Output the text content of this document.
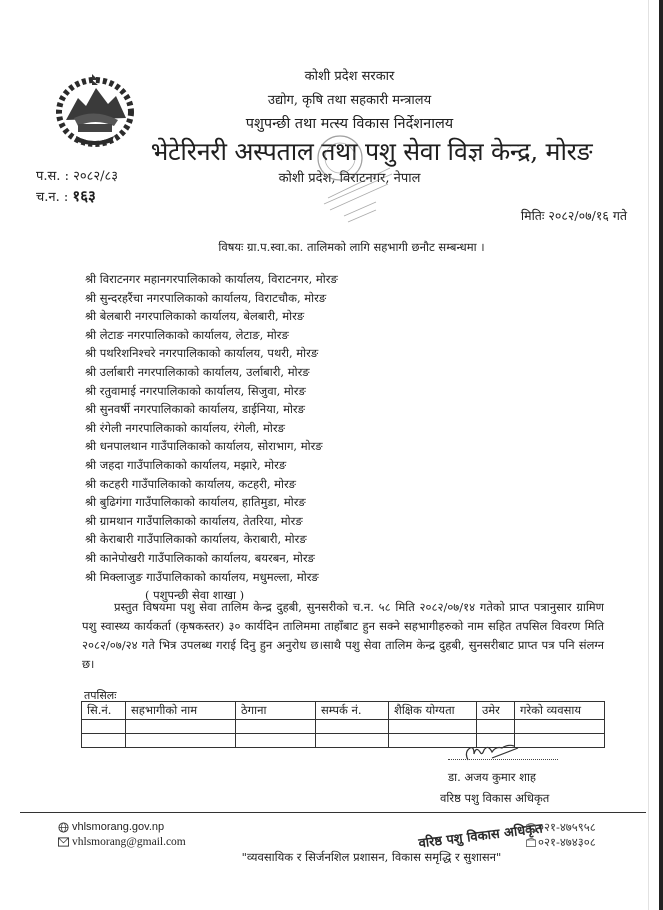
कोशी प्रदेश सरकार
उद्योग, कृषि तथा सहकारी मन्त्रालय
पशुपन्छी तथा मत्स्य विकास निर्देशनालय
भेटेरिनरी अस्पताल तथा पशु सेवा विज्ञ केन्द्र, मोरङ
कोशी प्रदेश, विराटनगर, नेपाल
प.स. : २०८२/८३
च.न. : १६३
मितिः २०८२/०७/१६ गते
विषयः ग्रा.प.स्वा.का. तालिमको लागि सहभागी छनौट सम्बन्धमा ।
श्री विराटनगर महानगरपालिकाको कार्यालय, विराटनगर, मोरङ
श्री सुन्दरहरैंचा नगरपालिकाको कार्यालय, विराटचौक, मोरङ
श्री बेलबारी नगरपालिकाको कार्यालय, बेलबारी, मोरङ
श्री लेटाङ नगरपालिकाको कार्यालय, लेटाङ, मोरङ
श्री पथरिशनिश्चरे नगरपालिकाको कार्यालय, पथरी, मोरङ
श्री उर्लाबारी नगरपालिकाको कार्यालय, उर्लाबारी, मोरङ
श्री रतुवामाई नगरपालिकाको कार्यालय, सिजुवा, मोरङ
श्री सुनवर्षी नगरपालिकाको कार्यालय, डाईनिया, मोरङ
श्री रंगेली नगरपालिकाको कार्यालय, रंगेली, मोरङ
श्री धनपालथान गाउँपालिकाको कार्यालय, सोराभाग, मोरङ
श्री जहदा गाउँपालिकाको कार्यालय, मझारे, मोरङ
श्री कटहरी गाउँपालिकाको कार्यालय, कटहरी, मोरङ
श्री बुढिगंगा गाउँपालिकाको कार्यालय, हातिमुडा, मोरङ
श्री ग्रामथान गाउँपालिकाको कार्यालय, तेतरिया, मोरङ
श्री केराबारी गाउँपालिकाको कार्यालय, केराबारी, मोरङ
श्री कानेपोखरी गाउँपालिकाको कार्यालय, बयरबन, मोरङ
श्री मिक्लाजुङ गाउँपालिकाको कार्यालय, मधुमल्ला, मोरङ
( पशुपन्छी सेवा शाखा )
प्रस्तुत विषयमा पशु सेवा तालिम केन्द्र दुहबी, सुनसरीको च.न. ५८ मिति २०८२/०७/१४ गतेको प्राप्त पत्रानुसार ग्रामिण पशु स्वास्थ्य कार्यकर्ता (कृषकस्तर) ३० कार्यदिन तालिममा ताहाँबाट हुन सक्ने सहभागीहरुको नाम सहित तपसिल विवरण मिति २०८२/०७/२४ गते भित्र उपलब्ध गराई दिनु हुन अनुरोध छ।साथै पशु सेवा तालिम केन्द्र दुहबी, सुनसरीबाट प्राप्त पत्र पनि संलग्न छ।
तपसिलः
सि.नं.	सहभागीको नाम	ठेगाना	सम्पर्क नं.	शैक्षिक योग्यता	उमेर	गरेको व्यवसाय

डा. अजय कुमार शाह
वरिष्ठ पशु विकास अधिकृत
vhlsmorang.gov.np
vhlsmorang@gmail.com	वरिष्ठ पशु विकास अधिकृत
०२१-४७५९५८
०२१-४७४३०८
"व्यवसायिक र सिर्जनशिल प्रशासन, विकास समृद्धि र सुशासन"
